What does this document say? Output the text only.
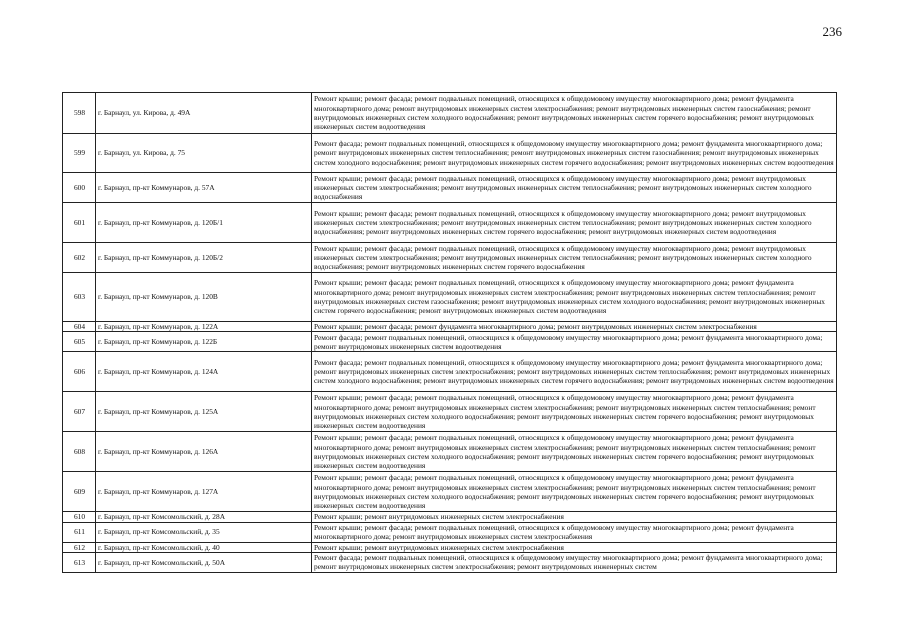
236
598	г. Барнаул, ул. Кирова, д. 49А	Ремонт крыши; ремонт фасада; ремонт подвальных помещений, относящихся к общедомовому имуществу многоквартирного дома; ремонт фундамента многоквартирного дома; ремонт внутридомовых инженерных систем электроснабжения; ремонт внутридомовых инженерных систем газоснабжения; ремонт внутридомовых инженерных систем холодного водоснабжения; ремонт внутридомовых инженерных систем горячего водоснабжения; ремонт внутридомовых инженерных систем водоотведения
599	г. Барнаул, ул. Кирова, д. 75	Ремонт фасада; ремонт подвальных помещений, относящихся к общедомовому имуществу многоквартирного дома; ремонт фундамента многоквартирного дома; ремонт внутридомовых инженерных систем теплоснабжения; ремонт внутридомовых инженерных систем газоснабжения; ремонт внутридомовых инженерных систем холодного водоснабжения; ремонт внутридомовых инженерных систем горячего водоснабжения; ремонт внутридомовых инженерных систем водоотведения
600	г. Барнаул, пр-кт Коммунаров, д. 57А	Ремонт крыши; ремонт фасада; ремонт подвальных помещений, относящихся к общедомовому имуществу многоквартирного дома; ремонт внутридомовых инженерных систем электроснабжения; ремонт внутридомовых инженерных систем теплоснабжения; ремонт внутридомовых инженерных систем холодного водоснабжения
601	г. Барнаул, пр-кт Коммунаров, д. 120Б/1	Ремонт крыши; ремонт фасада; ремонт подвальных помещений, относящихся к общедомовому имуществу многоквартирного дома; ремонт внутридомовых инженерных систем электроснабжения; ремонт внутридомовых инженерных систем теплоснабжения; ремонт внутридомовых инженерных систем холодного водоснабжения; ремонт внутридомовых инженерных систем горячего водоснабжения; ремонт внутридомовых инженерных систем водоотведения
602	г. Барнаул, пр-кт Коммунаров, д. 120Б/2	Ремонт крыши; ремонт фасада; ремонт подвальных помещений, относящихся к общедомовому имуществу многоквартирного дома; ремонт внутридомовых инженерных систем электроснабжения; ремонт внутридомовых инженерных систем теплоснабжения; ремонт внутридомовых инженерных систем холодного водоснабжения; ремонт внутридомовых инженерных систем горячего водоснабжения
603	г. Барнаул, пр-кт Коммунаров, д. 120В	Ремонт крыши; ремонт фасада; ремонт подвальных помещений, относящихся к общедомовому имуществу многоквартирного дома; ремонт фундамента многоквартирного дома; ремонт внутридомовых инженерных систем электроснабжения; ремонт внутридомовых инженерных систем теплоснабжения; ремонт внутридомовых инженерных систем газоснабжения; ремонт внутридомовых инженерных систем холодного водоснабжения; ремонт внутридомовых инженерных систем горячего водоснабжения; ремонт внутридомовых инженерных систем водоотведения
604	г. Барнаул, пр-кт Коммунаров, д. 122А	Ремонт крыши; ремонт фасада; ремонт фундамента многоквартирного дома; ремонт внутридомовых инженерных систем электроснабжения
605	г. Барнаул, пр-кт Коммунаров, д. 122Б	Ремонт фасада; ремонт подвальных помещений, относящихся к общедомовому имуществу многоквартирного дома; ремонт фундамента многоквартирного дома; ремонт внутридомовых инженерных систем водоотведения
606	г. Барнаул, пр-кт Коммунаров, д. 124А	Ремонт фасада; ремонт подвальных помещений, относящихся к общедомовому имуществу многоквартирного дома; ремонт фундамента многоквартирного дома; ремонт внутридомовых инженерных систем электроснабжения; ремонт внутридомовых инженерных систем теплоснабжения; ремонт внутридомовых инженерных систем холодного водоснабжения; ремонт внутридомовых инженерных систем горячего водоснабжения; ремонт внутридомовых инженерных систем водоотведения
607	г. Барнаул, пр-кт Коммунаров, д. 125А	Ремонт крыши; ремонт фасада; ремонт подвальных помещений, относящихся к общедомовому имуществу многоквартирного дома; ремонт фундамента многоквартирного дома; ремонт внутридомовых инженерных систем электроснабжения; ремонт внутридомовых инженерных систем теплоснабжения; ремонт внутридомовых инженерных систем холодного водоснабжения; ремонт внутридомовых инженерных систем горячего водоснабжения; ремонт внутридомовых инженерных систем водоотведения
608	г. Барнаул, пр-кт Коммунаров, д. 126А	Ремонт крыши; ремонт фасада; ремонт подвальных помещений, относящихся к общедомовому имуществу многоквартирного дома; ремонт фундамента многоквартирного дома; ремонт внутридомовых инженерных систем электроснабжения; ремонт внутридомовых инженерных систем теплоснабжения; ремонт внутридомовых инженерных систем холодного водоснабжения; ремонт внутридомовых инженерных систем горячего водоснабжения; ремонт внутридомовых инженерных систем водоотведения
609	г. Барнаул, пр-кт Коммунаров, д. 127А	Ремонт крыши; ремонт фасада; ремонт подвальных помещений, относящихся к общедомовому имуществу многоквартирного дома; ремонт фундамента многоквартирного дома; ремонт внутридомовых инженерных систем электроснабжения; ремонт внутридомовых инженерных систем теплоснабжения; ремонт внутридомовых инженерных систем холодного водоснабжения; ремонт внутридомовых инженерных систем горячего водоснабжения; ремонт внутридомовых инженерных систем водоотведения
610	г. Барнаул, пр-кт Комсомольский, д. 28А	Ремонт крыши; ремонт внутридомовых инженерных систем электроснабжения
611	г. Барнаул, пр-кт Комсомольский, д. 35	Ремонт крыши; ремонт фасада; ремонт подвальных помещений, относящихся к общедомовому имуществу многоквартирного дома; ремонт фундамента многоквартирного дома; ремонт внутридомовых инженерных систем электроснабжения
612	г. Барнаул, пр-кт Комсомольский, д. 40	Ремонт крыши; ремонт внутридомовых инженерных систем электроснабжения
613	г. Барнаул, пр-кт Комсомольский, д. 50А	Ремонт фасада; ремонт подвальных помещений, относящихся к общедомовому имуществу многоквартирного дома; ремонт фундамента многоквартирного дома; ремонт внутридомовых инженерных систем электроснабжения; ремонт внутридомовых инженерных систем
